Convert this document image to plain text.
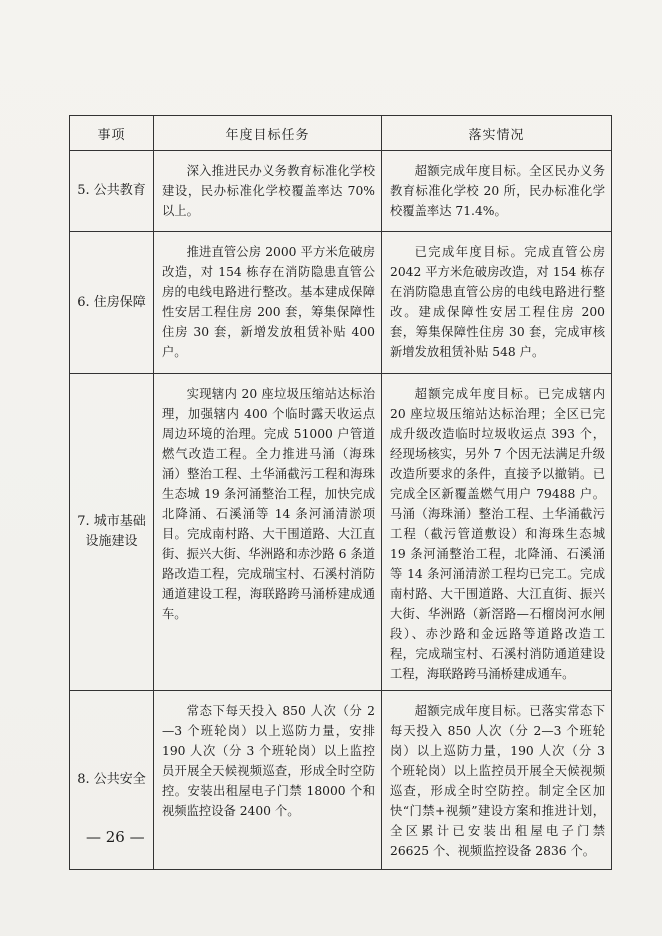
事项	年度目标任务	落实情况
5. 公共教育	深入推进民办义务教育标准化学校建设，民办标准化学校覆盖率达 70%以上。	超额完成年度目标。全区民办义务教育标准化学校 20 所，民办标准化学校覆盖率达 71.4%。
6. 住房保障	推进直管公房 2000 平方米危破房改造，对 154 栋存在消防隐患直管公房的电线电路进行整改。基本建成保障性安居工程住房 200 套，筹集保障性住房 30 套，新增发放租赁补贴 400 户。	已完成年度目标。完成直管公房 2042 平方米危破房改造，对 154 栋存在消防隐患直管公房的电线电路进行整改。建成保障性安居工程住房 200 套，筹集保障性住房 30 套，完成审核新增发放租赁补贴 548 户。
7. 城市基础设施建设	实现辖内 20 座垃圾压缩站达标治理，加强辖内 400 个临时露天收运点周边环境的治理。完成 51000 户管道燃气改造工程。全力推进马涌（海珠涌）整治工程、土华涌截污工程和海珠生态城 19 条河涌整治工程，加快完成北降涌、石溪涌等 14 条河涌清淤项目。完成南村路、大干围道路、大江直街、振兴大街、华洲路和赤沙路 6 条道路改造工程，完成瑞宝村、石溪村消防通道建设工程，海联路跨马涌桥建成通车。	超额完成年度目标。已完成辖内 20 座垃圾压缩站达标治理；全区已完成升级改造临时垃圾收运点 393 个，经现场核实，另外 7 个因无法满足升级改造所要求的条件，直接予以撤销。已完成全区新覆盖燃气用户 79488 户。马涌（海珠涌）整治工程、土华涌截污工程（截污管道敷设）和海珠生态城 19 条河涌整治工程，北降涌、石溪涌等 14 条河涌清淤工程均已完工。完成南村路、大干围道路、大江直街、振兴大街、华洲路（新滘路—石榴岗河水闸段）、赤沙路和金远路等道路改造工程，完成瑞宝村、石溪村消防通道建设工程，海联路跨马涌桥建成通车。
8. 公共安全	常态下每天投入 850 人次（分 2—3 个班轮岗）以上巡防力量，安排 190 人次（分 3 个班轮岗）以上监控员开展全天候视频巡查，形成全时空防控。安装出租屋电子门禁 18000 个和视频监控设备 2400 个。	超额完成年度目标。已落实常态下每天投入 850 人次（分 2—3 个班轮岗）以上巡防力量，190 人次（分 3 个班轮岗）以上监控员开展全天候视频巡查，形成全时空防控。制定全区加快“门禁+视频”建设方案和推进计划，全区累计已安装出租屋电子门禁 26625 个、视频监控设备 2836 个。
— 26 —
